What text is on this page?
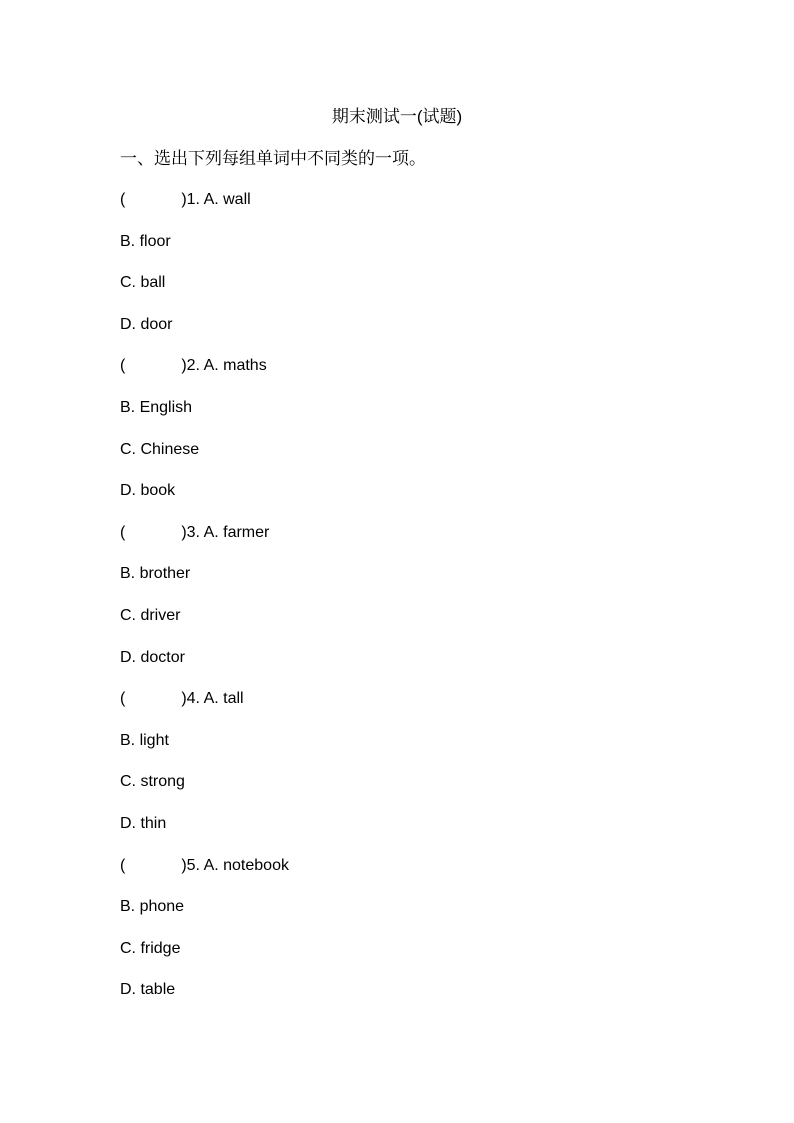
期末测试一(试题)
一、选出下列每组单词中不同类的一项。
(	)1. A. wall
B. floor
C. ball
D. door
(	)2. A. maths
B. English
C. Chinese
D. book
(	)3. A. farmer
B. brother
C. driver
D. doctor
(	)4. A. tall
B. light
C. strong
D. thin
(	)5. A. notebook
B. phone
C. fridge
D. table
